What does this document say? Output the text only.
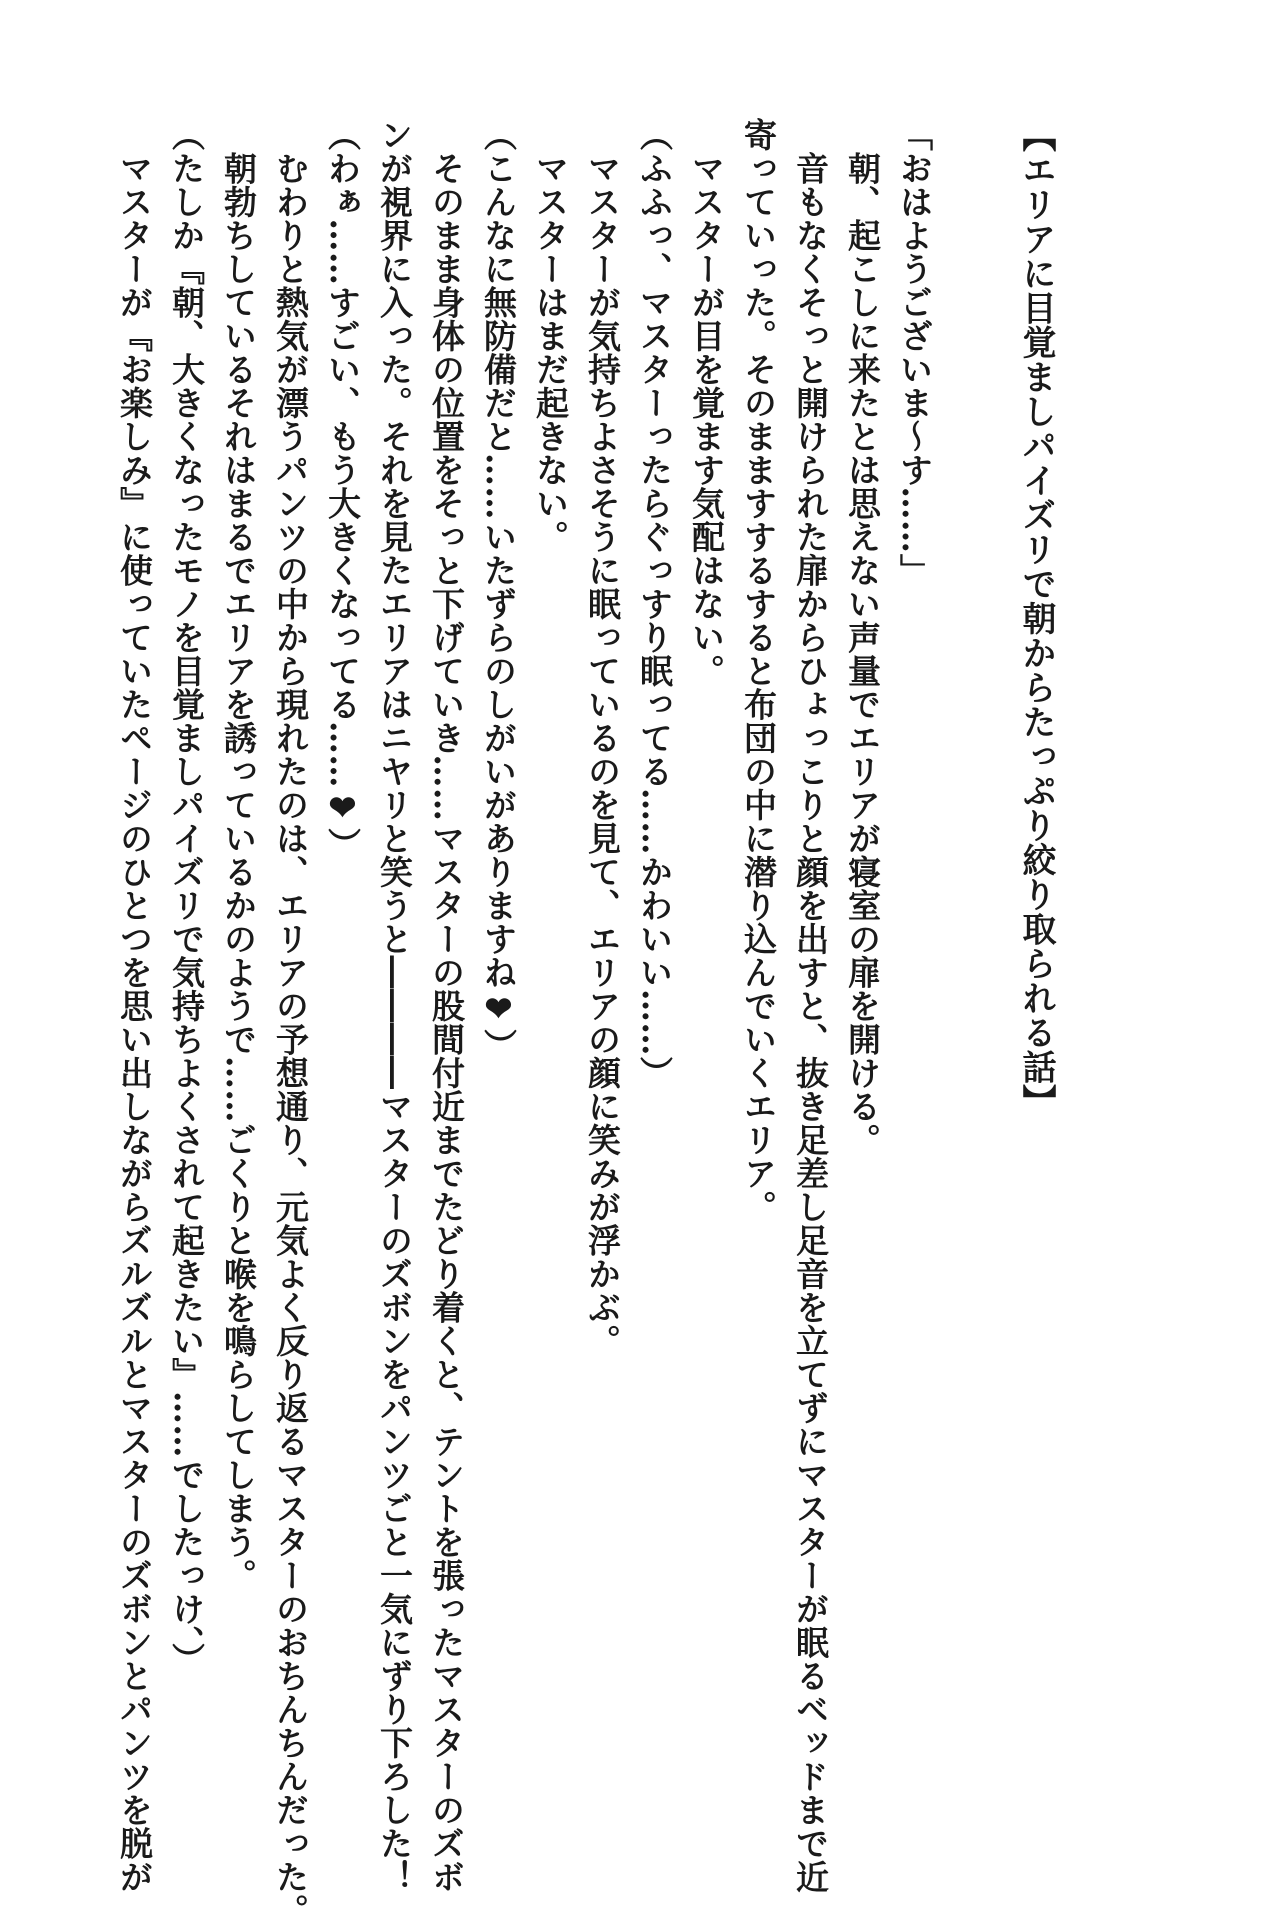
【エリアに目覚ましパイズリで朝からたっぷり絞り取られる話】
「おはようございま〜す……」
　朝、起こしに来たとは思えない声量でエリアが寝室の扉を開ける。
　音もなくそっと開けられた扉からひょっこりと顔を出すと、抜き足差し足音を立てずにマスターが眠るベッドまで近
寄っていった。そのまますするすると布団の中に潜り込んでいくエリア。
　マスターが目を覚ます気配はない。
（ふふっ、マスターったらぐっすり眠ってる……かわいい……）
　マスターが気持ちよさそうに眠っているのを見て、エリアの顔に笑みが浮かぶ。
　マスターはまだ起きない。
（こんなに無防備だと……いたずらのしがいがありますね❤）
　そのまま身体の位置をそっと下げていき……マスターの股間付近までたどり着くと、テントを張ったマスターのズボ
ンが視界に入った。それを見たエリアはニヤリと笑うと――――マスターのズボンをパンツごと一気にずり下ろした！
（わぁ……すごい、もう大きくなってる……❤）
　むわりと熱気が漂うパンツの中から現れたのは、エリアの予想通り、元気よく反り返るマスターのおちんちんだった。
　朝勃ちしているそれはまるでエリアを誘っているかのようで……ごくりと喉を鳴らしてしまう。
（たしか『朝、大きくなったモノを目覚ましパイズリで気持ちよくされて起きたい』……でしたっけ、）
　マスターが『お楽しみ』に使っていたページのひとつを思い出しながらズルズルとマスターのズボンとパンツを脱が
